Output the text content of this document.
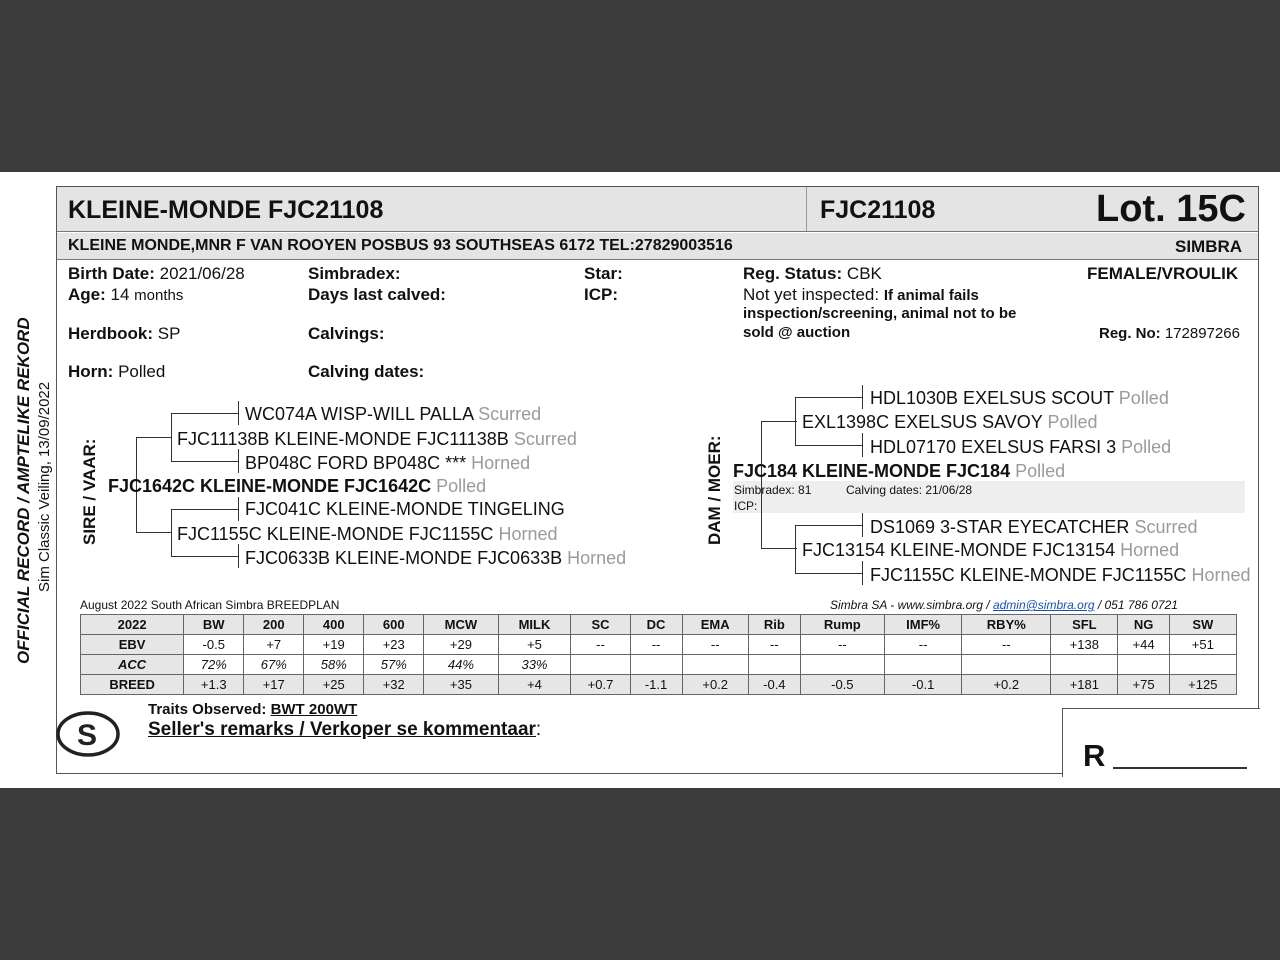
OFFICIAL RECORD / AMPTELIKE REKORD Sim Classic Veiling, 13/09/2022
KLEINE-MONDE FJC21108	FJC21108	Lot. 15C
KLEINE MONDE,MNR F VAN ROOYEN POSBUS 93 SOUTHSEAS 6172 TEL:27829003516	SIMBRA
Birth Date: 2021/06/28
Age: 14 months
Herdbook: SP
Horn: Polled
Simbradex:
Days last calved:
Calvings:
Calving dates:
Star:
ICP:
Reg. Status: CBK
Not yet inspected: If animal fails
inspection/screening, animal not to be
sold @ auction
FEMALE/VROULIK
Reg. No: 172897266
SIRE / VAAR:
WC074A WISP-WILL PALLA Scurred
FJC11138B KLEINE-MONDE FJC11138B Scurred
BP048C FORD BP048C *** Horned
FJC1642C KLEINE-MONDE FJC1642C Polled
FJC041C KLEINE-MONDE TINGELING
FJC1155C KLEINE-MONDE FJC1155C Horned
FJC0633B KLEINE-MONDE FJC0633B Horned
DAM / MOER:
HDL1030B EXELSUS SCOUT Polled
EXL1398C EXELSUS SAVOY Polled
HDL07170 EXELSUS FARSI 3 Polled
FJC184 KLEINE-MONDE FJC184 Polled
Simbradex: 81	Calving dates: 21/06/28
ICP:
DS1069 3-STAR EYECATCHER Scurred
FJC13154 KLEINE-MONDE FJC13154 Horned
FJC1155C KLEINE-MONDE FJC1155C Horned
August 2022 South African Simbra BREEDPLAN	Simbra SA - www.simbra.org / admin@simbra.org / 051 786 0721
2022	BW	200	400	600	MCW	MILK	SC	DC	EMA	Rib	Rump	IMF%	RBY%	SFL	NG	SW
EBV	-0.5	+7	+19	+23	+29	+5	--	--	--	--	--	--	--	+138	+44	+51
ACC	72%	67%	58%	57%	44%	33%										
BREED	+1.3	+17	+25	+32	+35	+4	+0.7	-1.1	+0.2	-0.4	-0.5	-0.1	+0.2	+181	+75	+125
S
Traits Observed: BWT 200WT
Seller's remarks / Verkoper se kommentaar:
R
